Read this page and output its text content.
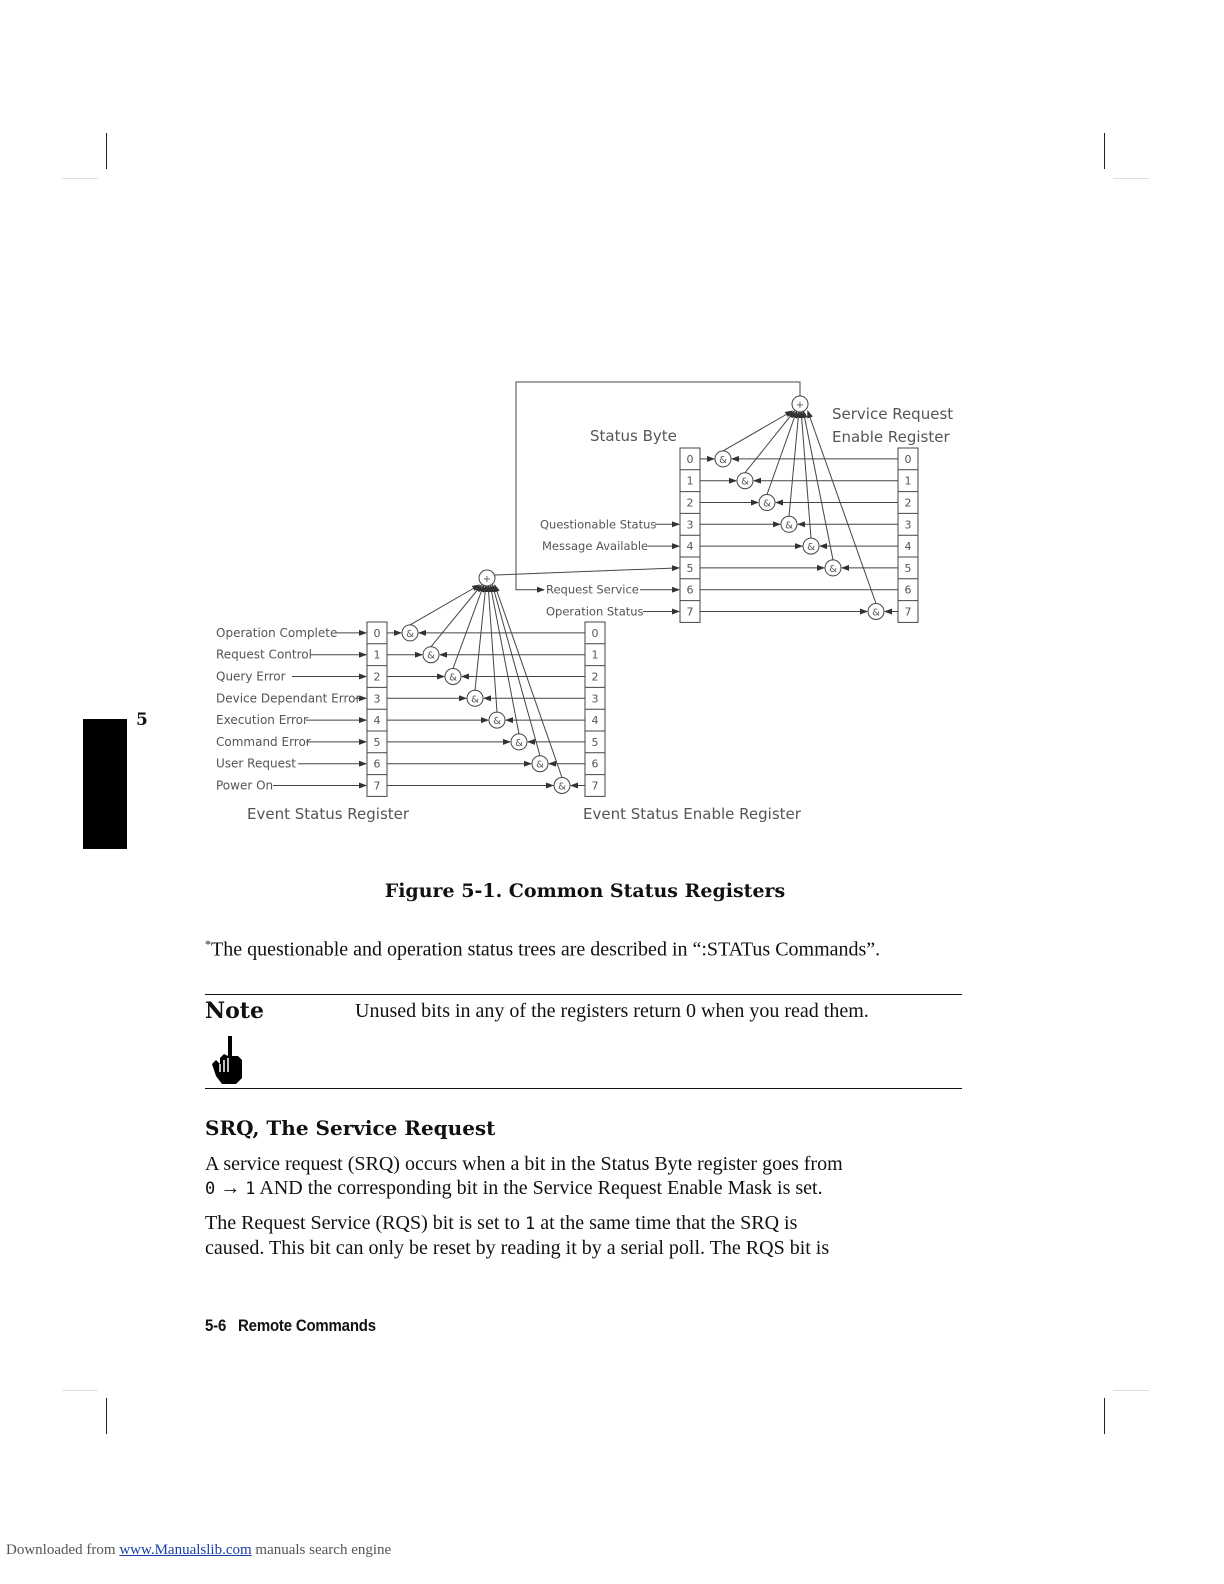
5
0
1
2
3
4
5
6
7
0
1
2
3
4
5
6
7
&
&
&
&
&
&
&
&
+
0
1
2
3
4
5
6
7
0
1
2
3
4
5
6
7
&
&
&
&
&
&
&
+
Operation Complete
Request Control
Query Error
Device Dependant Error
Execution Error
Command Error
User Request
Power On
Event Status Register	Event Status Enable Register
Questionable Status
Message Available
Request Service
Operation Status
Status Byte
Service Request
Enable Register
Figure 5-1. Common Status Registers
*The questionable and operation status trees are described in “:STATus Commands”.
Note	Unused bits in any of the registers return 0 when you read them.
SRQ, The Service Request
A service request (SRQ) occurs when a bit in the Status Byte register goes from
0 → 1 AND the corresponding bit in the Service Request Enable Mask is set.
The Request Service (RQS) bit is set to 1 at the same time that the SRQ is
caused. This bit can only be reset by reading it by a serial poll. The RQS bit is
5-6 Remote Commands
Downloaded from www.Manualslib.com manuals search engine
